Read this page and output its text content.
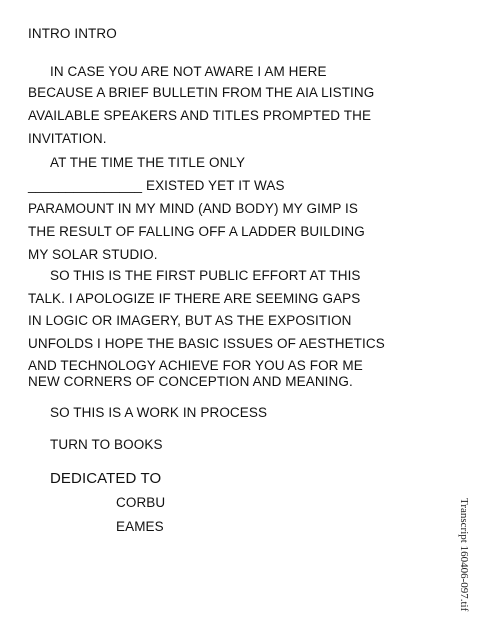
INTRO INTRO
IN CASE YOU ARE NOT AWARE I AM HERE
BECAUSE A BRIEF BULLETIN FROM THE AIA LISTING
AVAILABLE SPEAKERS AND TITLES PROMPTED THE
INVITATION.
AT THE TIME THE TITLE ONLY
_______________ EXISTED YET IT WAS
PARAMOUNT IN MY MIND (AND BODY) MY GIMP IS
THE RESULT OF FALLING OFF A LADDER BUILDING
MY SOLAR STUDIO.
SO THIS IS THE FIRST PUBLIC EFFORT AT THIS
TALK. I APOLOGIZE IF THERE ARE SEEMING GAPS
IN LOGIC OR IMAGERY, BUT AS THE EXPOSITION
UNFOLDS I HOPE THE BASIC ISSUES OF AESTHETICS
AND TECHNOLOGY ACHIEVE FOR YOU AS FOR ME
NEW CORNERS OF CONCEPTION AND MEANING.
SO THIS IS A WORK IN PROCESS
TURN TO BOOKS
DEDICATED TO
CORBU
EAMES	Transcript 160406-097.tif
